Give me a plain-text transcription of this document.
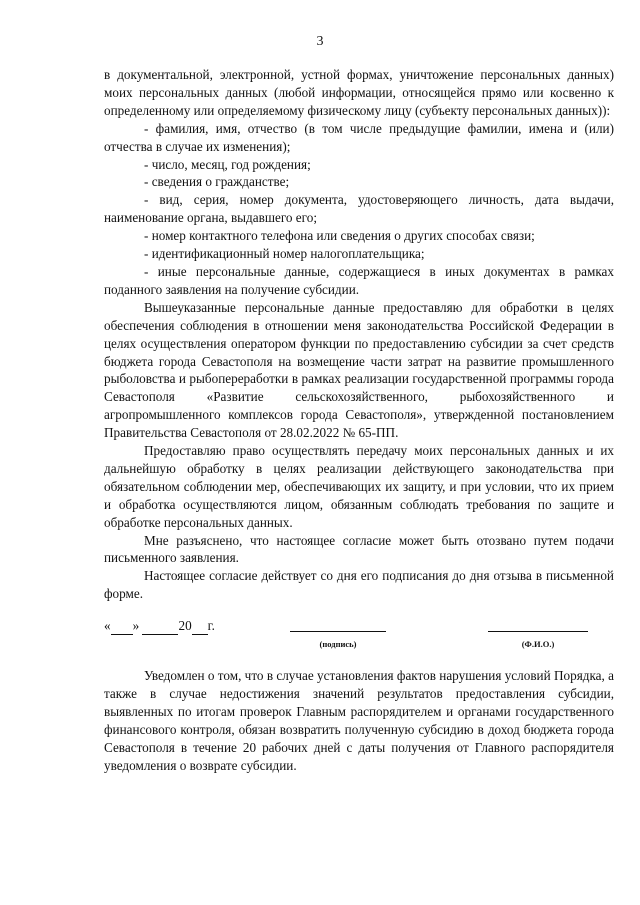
3

в документальной, электронной, устной формах, уничтожение персональных данных) моих персональных данных (любой информации, относящейся прямо или косвенно к определенному или определяемому физическому лицу (субъекту персональных данных)):

- фамилия, имя, отчество (в том числе предыдущие фамилии, имена и (или) отчества в случае их изменения);

- число, месяц, год рождения;

- сведения о гражданстве;

- вид, серия, номер документа, удостоверяющего личность, дата выдачи, наименование органа, выдавшего его;

- номер контактного телефона или сведения о других способах связи;

- идентификационный номер налогоплательщика;

- иные персональные данные, содержащиеся в иных документах в рамках поданного заявления на получение субсидии.

Вышеуказанные персональные данные предоставляю для обработки в целях обеспечения соблюдения в отношении меня законодательства Российской Федерации в целях осуществления оператором функции по предоставлению субсидии за счет средств бюджета города Севастополя на возмещение части затрат на развитие промышленного рыболовства и рыбопереработки в рамках реализации государственной программы города Севастополя «Развитие сельскохозяйственного, рыбохозяйственного и агропромышленного комплексов города Севастополя», утвержденной постановлением Правительства Севастополя от 28.02.2022 № 65-ПП.

Предоставляю право осуществлять передачу моих персональных данных и их дальнейшую обработку в целях реализации действующего законодательства при обязательном соблюдении мер, обеспечивающих их защиту, и при условии, что их прием и обработка осуществляются лицом, обязанным соблюдать требования по защите и обработке персональных данных.

Мне разъяснено, что настоящее согласие может быть отозвано путем подачи письменного заявления.

Настоящее согласие действует со дня его подписания до дня отзыва в письменной форме.

« »	20 г.
(подпись)	(Ф.И.О.)

Уведомлен о том, что в случае установления фактов нарушения условий Порядка, а также в случае недостижения значений результатов предоставления субсидии, выявленных по итогам проверок Главным распорядителем и органами государственного финансового контроля, обязан возвратить полученную субсидию в доход бюджета города Севастополя в течение 20 рабочих дней с даты получения от Главного распорядителя уведомления о возврате субсидии.
